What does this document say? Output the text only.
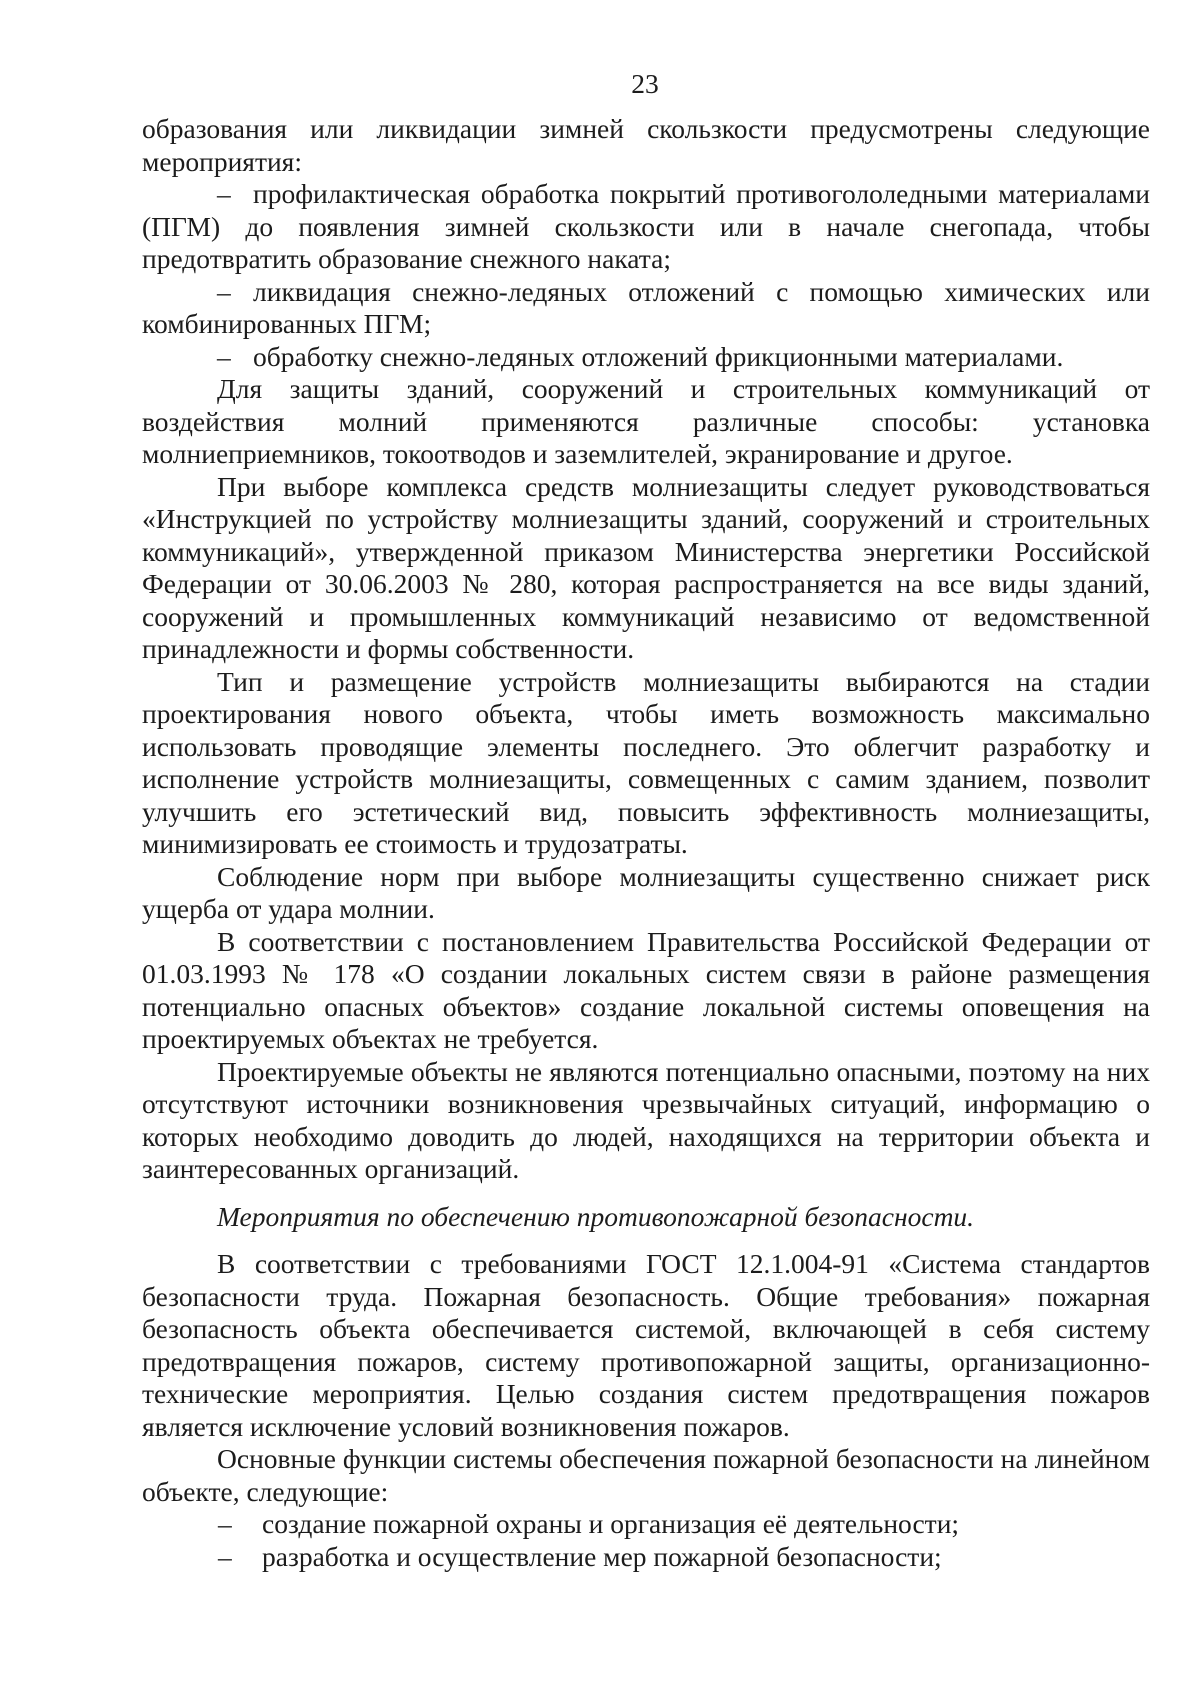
23

образования или ликвидации зимней скользкости предусмотрены следующие мероприятия:

– профилактическая обработка покрытий противогололедными материалами (ПГМ) до появления зимней скользкости или в начале снегопада, чтобы предотвратить образование снежного наката;

– ликвидация снежно-ледяных отложений с помощью химических или комбинированных ПГМ;

– обработку снежно-ледяных отложений фрикционными материалами.

Для защиты зданий, сооружений и строительных коммуникаций от воздействия молний применяются различные способы: установка молниеприемников, токоотводов и заземлителей, экранирование и другое.

При выборе комплекса средств молниезащиты следует руководствоваться «Инструкцией по устройству молниезащиты зданий, сооружений и строительных коммуникаций», утвержденной приказом Министерства энергетики Российской Федерации от 30.06.2003 № 280, которая распространяется на все виды зданий, сооружений и промышленных коммуникаций независимо от ведомственной принадлежности и формы собственности.

Тип и размещение устройств молниезащиты выбираются на стадии проектирования нового объекта, чтобы иметь возможность максимально использовать проводящие элементы последнего. Это облегчит разработку и исполнение устройств молниезащиты, совмещенных с самим зданием, позволит улучшить его эстетический вид, повысить эффективность молниезащиты, минимизировать ее стоимость и трудозатраты.

Соблюдение норм при выборе молниезащиты существенно снижает риск ущерба от удара молнии.

В соответствии с постановлением Правительства Российской Федерации от 01.03.1993 № 178 «О создании локальных систем связи в районе размещения потенциально опасных объектов» создание локальной системы оповещения на проектируемых объектах не требуется.

Проектируемые объекты не являются потенциально опасными, поэтому на них отсутствуют источники возникновения чрезвычайных ситуаций, информацию о которых необходимо доводить до людей, находящихся на территории объекта и заинтересованных организаций.

Мероприятия по обеспечению противопожарной безопасности.

В соответствии с требованиями ГОСТ 12.1.004-91 «Система стандартов безопасности труда. Пожарная безопасность. Общие требования» пожарная безопасность объекта обеспечивается системой, включающей в себя систему предотвращения пожаров, систему противопожарной защиты, организационно-технические мероприятия. Целью создания систем предотвращения пожаров является исключение условий возникновения пожаров.

Основные функции системы обеспечения пожарной безопасности на линейном объекте, следующие:

– создание пожарной охраны и организация её деятельности;

– разработка и осуществление мер пожарной безопасности;
